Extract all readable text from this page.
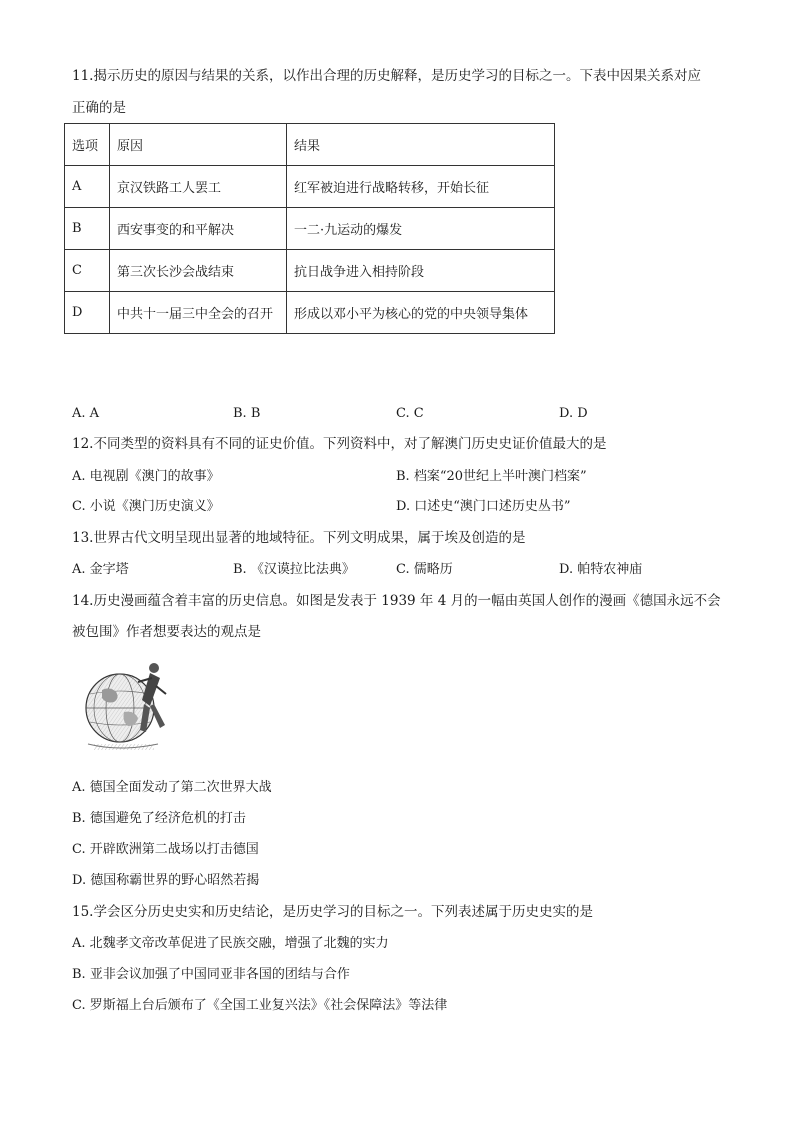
11.揭示历史的原因与结果的关系，以作出合理的历史解释，是历史学习的目标之一。下表中因果关系对应
正确的是
选项	原因	结果
A	京汉铁路工人罢工	红军被迫进行战略转移，开始长征
B	西安事变的和平解决	一二·九运动的爆发
C	第三次长沙会战结束	抗日战争进入相持阶段
D	中共十一届三中全会的召开	形成以邓小平为核心的党的中央领导集体
A. A	B. B	C. C	D. D
12.不同类型的资料具有不同的证史价值。下列资料中，对了解澳门历史史证价值最大的是
A. 电视剧《澳门的故事》	B. 档案“20世纪上半叶澳门档案”
C. 小说《澳门历史演义》	D. 口述史“澳门口述历史丛书”
13.世界古代文明呈现出显著的地域特征。下列文明成果，属于埃及创造的是
A. 金字塔	B. 《汉谟拉比法典》	C. 儒略历	D. 帕特农神庙
14.历史漫画蕴含着丰富的历史信息。如图是发表于 1939 年 4 月的一幅由英国人创作的漫画《德国永远不会
被包围》作者想要表达的观点是
A. 德国全面发动了第二次世界大战
B. 德国避免了经济危机的打击
C. 开辟欧洲第二战场以打击德国
D. 德国称霸世界的野心昭然若揭
15.学会区分历史史实和历史结论，是历史学习的目标之一。下列表述属于历史史实的是
A. 北魏孝文帝改革促进了民族交融，增强了北魏的实力
B. 亚非会议加强了中国同亚非各国的团结与合作
C. 罗斯福上台后颁布了《全国工业复兴法》《社会保障法》等法律
